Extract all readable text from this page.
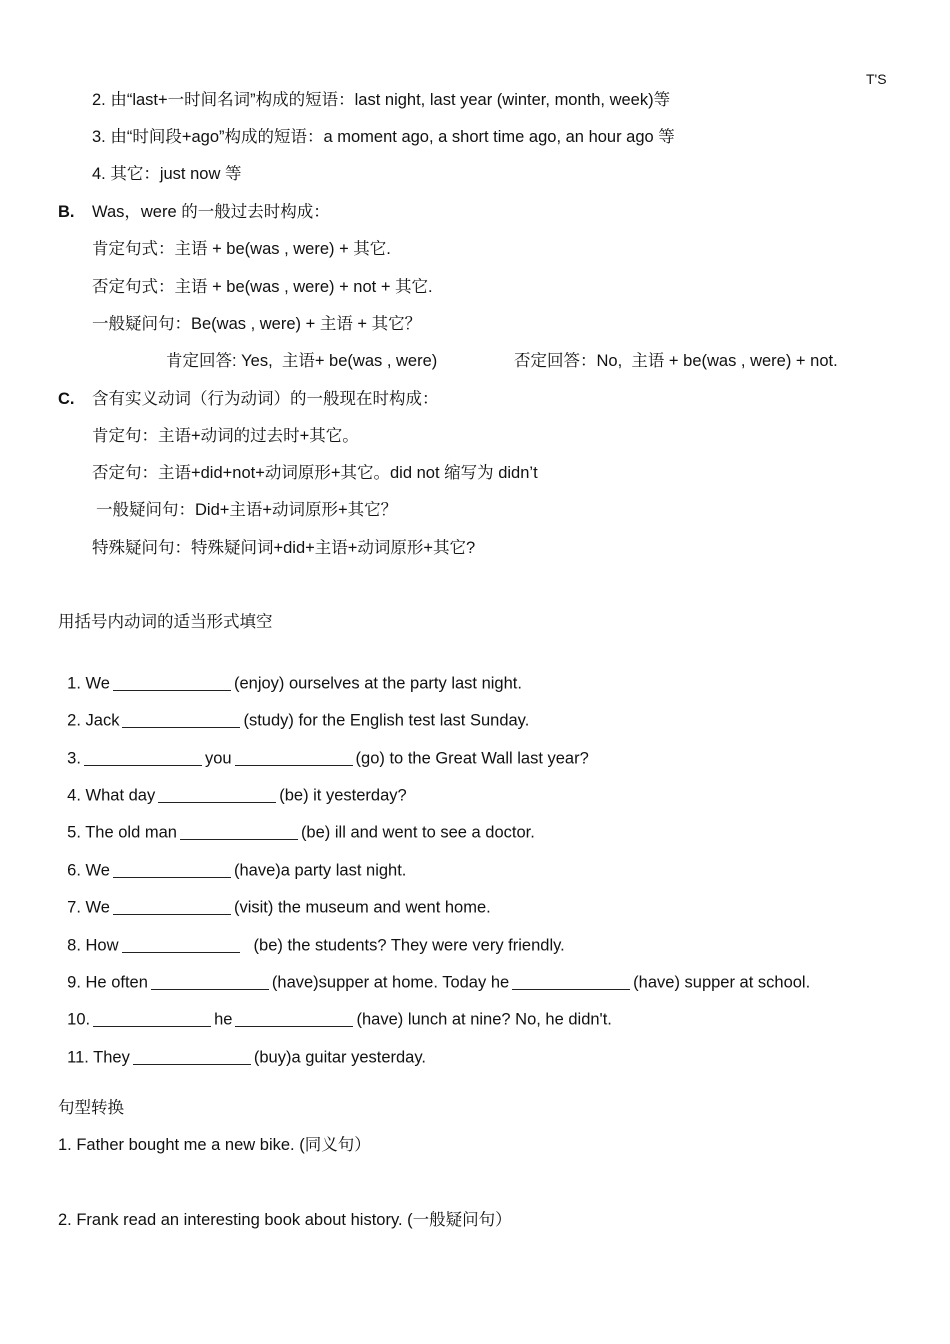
T'S
2. 由“last+一时间名词”构成的短语：last night, last year (winter, month, week)等
3. 由“时间段+ago”构成的短语：a moment ago, a short time ago, an hour ago 等
4. 其它：just now 等
B. Was，were 的一般过去时构成：
肯定句式：主语 + be(was , were) + 其它.
否定句式：主语 + be(was , were) + not + 其它.
一般疑问句：Be(was , were) + 主语 + 其它？
肯定回答: Yes,  主语+ be(was , were)	否定回答：No,  主语 + be(was , were) + not.
C. 含有实义动词（行为动词）的一般现在时构成：
肯定句：主语+动词的过去时+其它。
否定句：主语+did+not+动词原形+其它。did not 缩写为 didn’t
一般疑问句：Did+主语+动词原形+其它？
特殊疑问句：特殊疑问词+did+主语+动词原形+其它?
用括号内动词的适当形式填空

1. We	(enjoy) ourselves at the party last night.

2. Jack	(study) for the English test last Sunday.

3.	you	(go) to the Great Wall last year?

4. What day	(be) it yesterday?

5. The old man	(be) ill and went to see a doctor.

6. We	(have)a party last night.

7. We	(visit) the museum and went home.

8. How	(be) the students? They were very friendly.

9. He often	(have)supper at home. Today he	(have) supper at school.

10.	he	(have) lunch at nine? No, he didn't.

11. They	(buy)a guitar yesterday.

句型转换
1. Father bought me a new bike. (同义句）
2. Frank read an interesting book about history. (一般疑问句）
